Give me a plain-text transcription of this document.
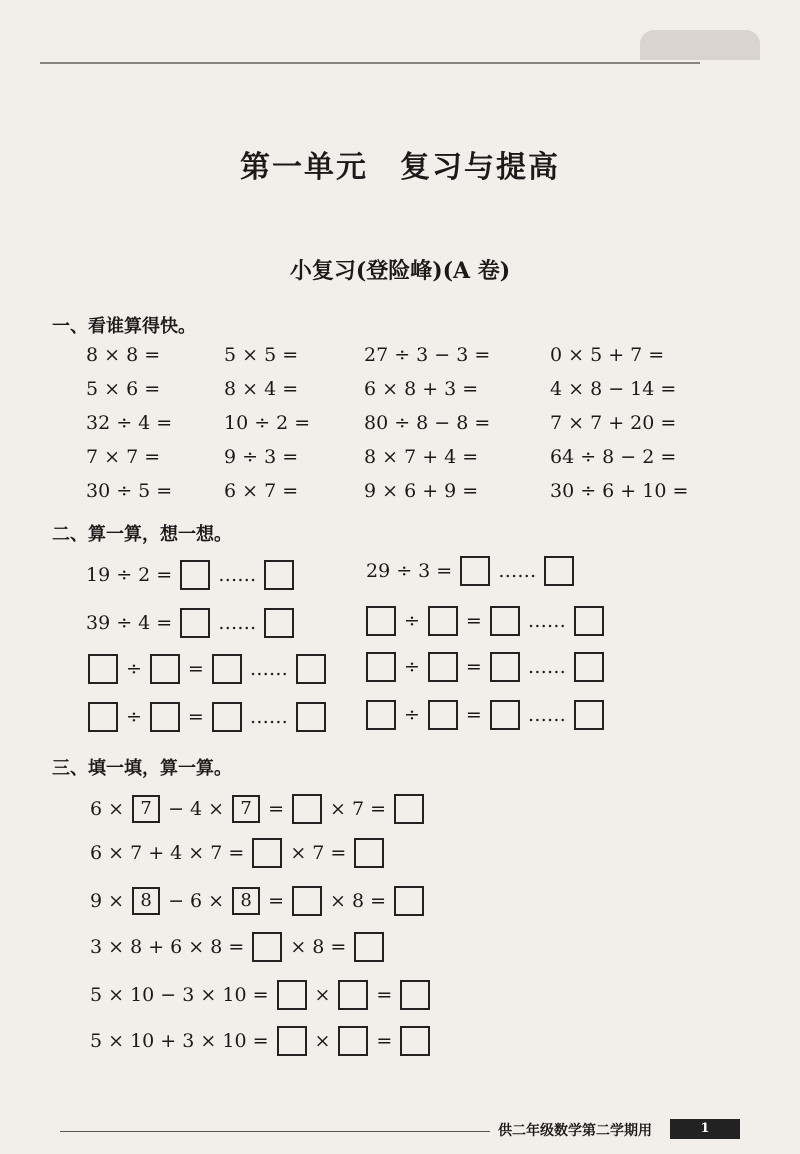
第一单元　复习与提高
小复习(登险峰)(A 卷)
一、看谁算得快。
8 × 8 =	5 × 5 =	27 ÷ 3 − 3 =	0 × 5 + 7 =
5 × 6 =	8 × 4 =	6 × 8 + 3 =	4 × 8 − 14 =
32 ÷ 4 =	10 ÷ 2 =	80 ÷ 8 − 8 =	7 × 7 + 20 =
7 × 7 =	9 ÷ 3 =	8 × 7 + 4 =	64 ÷ 8 − 2 =
30 ÷ 5 =	6 × 7 =	9 × 6 + 9 =	30 ÷ 6 + 10 =
二、算一算，想一想。
19 ÷ 2 = ……	29 ÷ 3 = ……
39 ÷ 4 = ……	÷ = ……
÷ = ……	÷ = ……
÷ = ……	÷ = ……
三、填一填，算一算。
6 × 7 − 4 × 7 = × 7 =
6 × 7 + 4 × 7 = × 7 =
9 × 8 − 6 × 8 = × 8 =
3 × 8 + 6 × 8 = × 8 =
5 × 10 − 3 × 10 = × =
5 × 10 + 3 × 10 = × =
供二年级数学第二学期用	1
